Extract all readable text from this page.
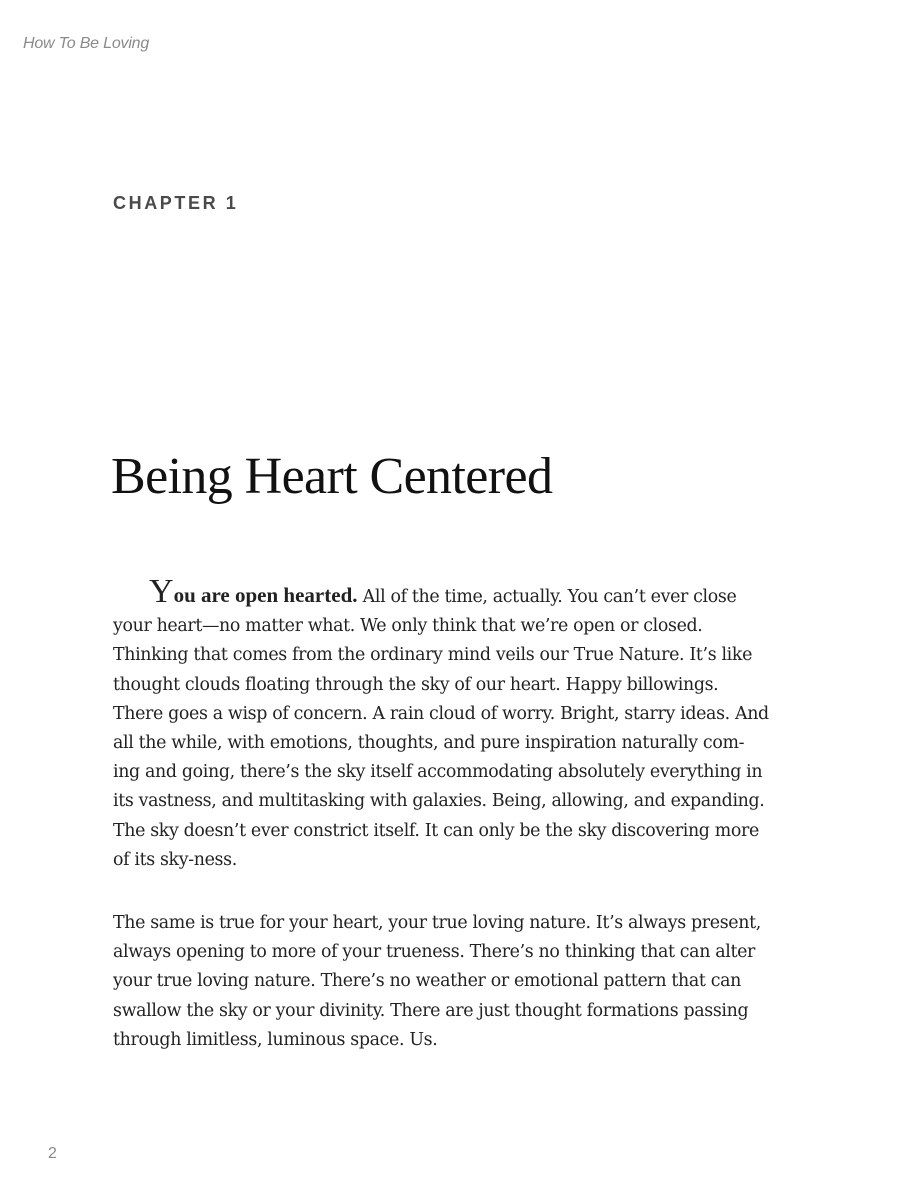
How To Be Loving
CHAPTER 1
Being Heart Centered
You are open hearted. All of the time, actually. You can’t ever close
your heart—no matter what. We only think that we’re open or closed.
Thinking that comes from the ordinary mind veils our True Nature. It’s like
thought clouds floating through the sky of our heart. Happy billowings.
There goes a wisp of concern. A rain cloud of worry. Bright, starry ideas. And
all the while, with emotions, thoughts, and pure inspiration naturally com-
ing and going, there’s the sky itself accommodating absolutely everything in
its vastness, and multitasking with galaxies. Being, allowing, and expanding.
The sky doesn’t ever constrict itself. It can only be the sky discovering more
of its sky-ness.
The same is true for your heart, your true loving nature. It’s always present,
always opening to more of your trueness. There’s no thinking that can alter
your true loving nature. There’s no weather or emotional pattern that can
swallow the sky or your divinity. There are just thought formations passing
through limitless, luminous space. Us.
2
